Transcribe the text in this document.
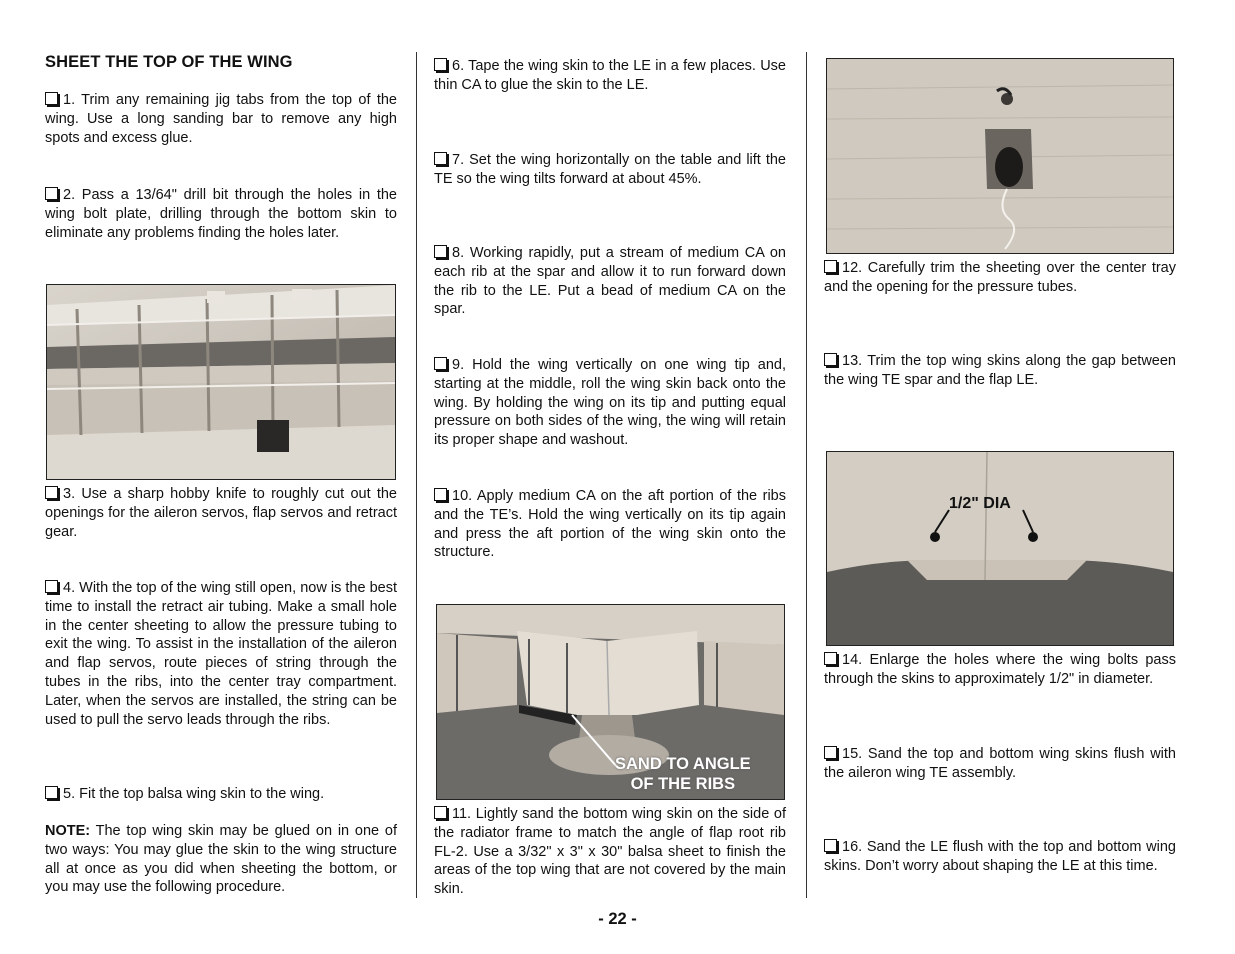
SHEET THE TOP OF THE WING

1. Trim any remaining jig tabs from the top of the wing. Use a long sanding bar to remove any high spots and excess glue.

2. Pass a 13/64" drill bit through the holes in the wing bolt plate, drilling through the bottom skin to eliminate any problems finding the holes later.

3. Use a sharp hobby knife to roughly cut out the openings for the aileron servos, flap servos and retract gear.

4. With the top of the wing still open, now is the best time to install the retract air tubing. Make a small hole in the center sheeting to allow the pressure tubing to exit the wing. To assist in the installation of the aileron and flap servos, route pieces of string through the tubes in the ribs, into the center tray compartment. Later, when the servos are installed, the string can be used to pull the servo leads through the ribs.

5. Fit the top balsa wing skin to the wing.

NOTE: The top wing skin may be glued on in one of two ways: You may glue the skin to the wing structure all at once as you did when sheeting the bottom, or you may use the following procedure.

6. Tape the wing skin to the LE in a few places. Use thin CA to glue the skin to the LE.

7. Set the wing horizontally on the table and lift the TE so the wing tilts forward at about 45%.

8. Working rapidly, put a stream of medium CA on each rib at the spar and allow it to run forward down the rib to the LE. Put a bead of medium CA on the spar.

9. Hold the wing vertically on one wing tip and, starting at the middle, roll the wing skin back onto the wing. By holding the wing on its tip and putting equal pressure on both sides of the wing, the wing will retain its proper shape and washout.

10. Apply medium CA on the aft portion of the ribs and the TE’s. Hold the wing vertically on its tip again and press the aft portion of the wing skin onto the structure.

SAND TO ANGLE
OF THE RIBS

11. Lightly sand the bottom wing skin on the side of the radiator frame to match the angle of flap root rib FL-2. Use a 3/32" x 3" x 30" balsa sheet to finish the areas of the top wing that are not covered by the main skin.

12. Carefully trim the sheeting over the center tray and the opening for the pressure tubes.

13. Trim the top wing skins along the gap between the wing TE spar and the flap LE.

1/2" DIA

14. Enlarge the holes where the wing bolts pass through the skins to approximately 1/2" in diameter.

15. Sand the top and bottom wing skins flush with the aileron wing TE assembly.

16. Sand the LE flush with the top and bottom wing skins. Don’t worry about shaping the LE at this time.

- 22 -
